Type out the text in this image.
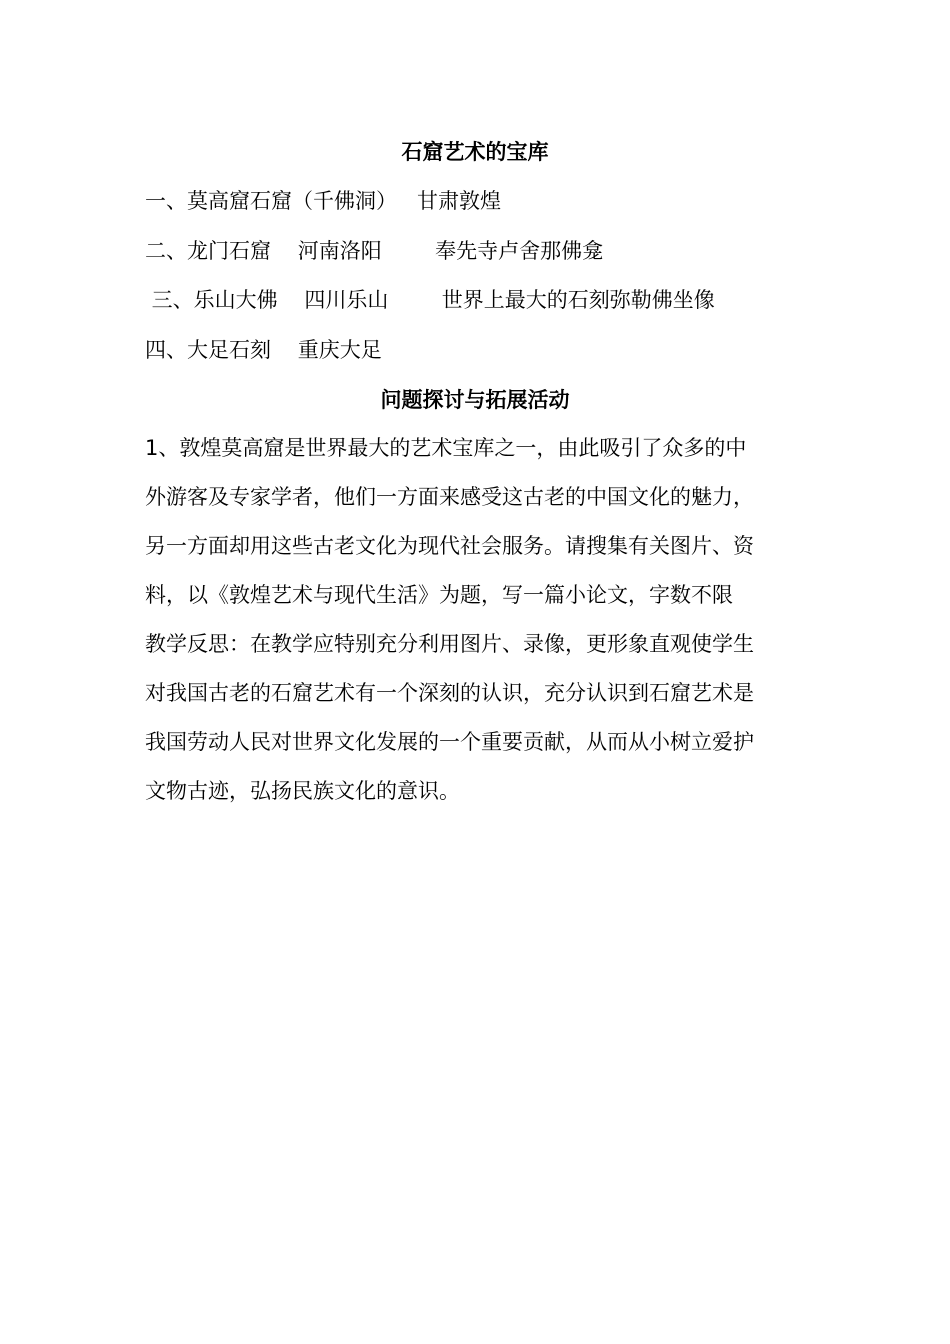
石窟艺术的宝库
一、莫高窟石窟（千佛洞）   甘肃敦煌
二、龙门石窟    河南洛阳        奉先寺卢舍那佛龛
三、乐山大佛    四川乐山        世界上最大的石刻弥勒佛坐像
四、大足石刻    重庆大足
问题探讨与拓展活动
1、敦煌莫高窟是世界最大的艺术宝库之一，由此吸引了众多的中
外游客及专家学者，他们一方面来感受这古老的中国文化的魅力，
另一方面却用这些古老文化为现代社会服务。请搜集有关图片、资
料，以《敦煌艺术与现代生活》为题，写一篇小论文，字数不限
教学反思：在教学应特别充分利用图片、录像，更形象直观使学生
对我国古老的石窟艺术有一个深刻的认识，充分认识到石窟艺术是
我国劳动人民对世界文化发展的一个重要贡献，从而从小树立爱护
文物古迹，弘扬民族文化的意识。
